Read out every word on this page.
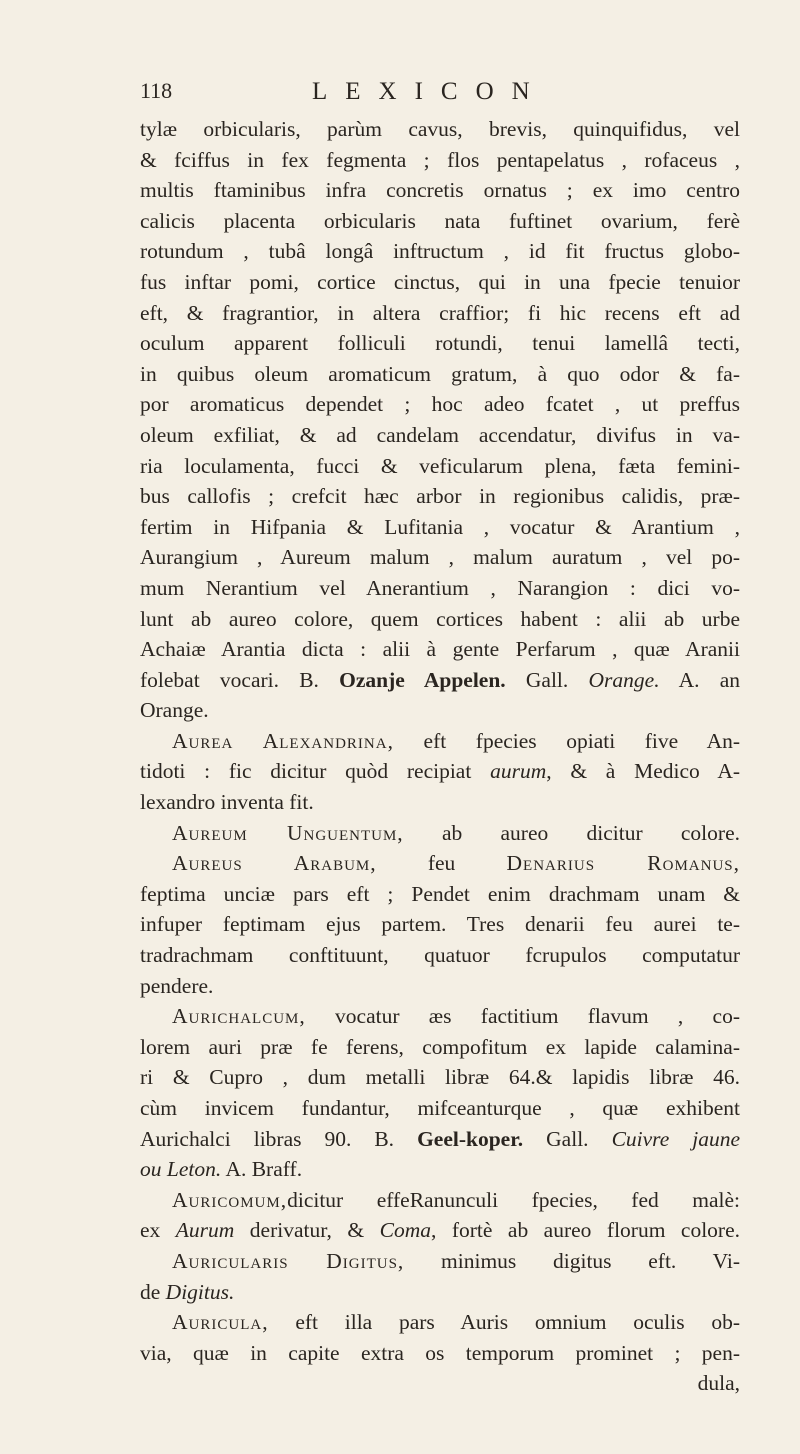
118	LEXICON
tylæ orbicularis, parùm cavus, brevis, quinquifidus, vel
& fciffus in fex fegmenta ; flos pentapelatus , rofaceus ,
multis ftaminibus infra concretis ornatus ; ex imo centro
calicis placenta orbicularis nata fuftinet ovarium, ferè
rotundum , tubâ longâ inftructum , id fit fructus globo-
fus inftar pomi, cortice cinctus, qui in una fpecie tenuior
eft, & fragrantior, in altera craffior; fi hic recens eft ad
oculum apparent folliculi rotundi, tenui lamellâ tecti,
in quibus oleum aromaticum gratum, à quo odor & fa-
por aromaticus dependet ; hoc adeo fcatet , ut preffus
oleum exfiliat, & ad candelam accendatur, divifus in va-
ria loculamenta, fucci & veficularum plena, fæta femini-
bus callofis ; crefcit hæc arbor in regionibus calidis, præ-
fertim in Hifpania & Lufitania , vocatur & Arantium ,
Aurangium , Aureum malum , malum auratum , vel po-
mum Nerantium vel Anerantium , Narangion : dici vo-
lunt ab aureo colore, quem cortices habent : alii ab urbe
Achaiæ Arantia dicta : alii à gente Perfarum , quæ Aranii
folebat vocari. B. Ozanje Appelen. Gall. Orange. A. an
Orange.
Aurea Alexandrina, eft fpecies opiati five An-
tidoti : fic dicitur quòd recipiat aurum, & à Medico A-
lexandro inventa fit.
Aureum Unguentum, ab aureo dicitur colore.
Aureus Arabum, feu Denarius Romanus,
feptima unciæ pars eft ; Pendet enim drachmam unam &
infuper feptimam ejus partem. Tres denarii feu aurei te-
tradrachmam conftituunt, quatuor fcrupulos computatur
pendere.
Aurichalcum, vocatur æs factitium flavum , co-
lorem auri præ fe ferens, compofitum ex lapide calamina-
ri & Cupro , dum metalli libræ 64.& lapidis libræ 46.
cùm invicem fundantur, mifceanturque , quæ exhibent
Aurichalci libras 90. B. Geel-koper. Gall. Cuivre jaune
ou Leton. A. Braff.
Auricomum,dicitur effeRanunculi fpecies, fed malè:
ex Aurum derivatur, & Coma, fortè ab aureo florum colore.
Auricularis Digitus, minimus digitus eft. Vi-
de Digitus.
Auricula, eft illa pars Auris omnium oculis ob-
via, quæ in capite extra os temporum prominet ; pen-
dula,
